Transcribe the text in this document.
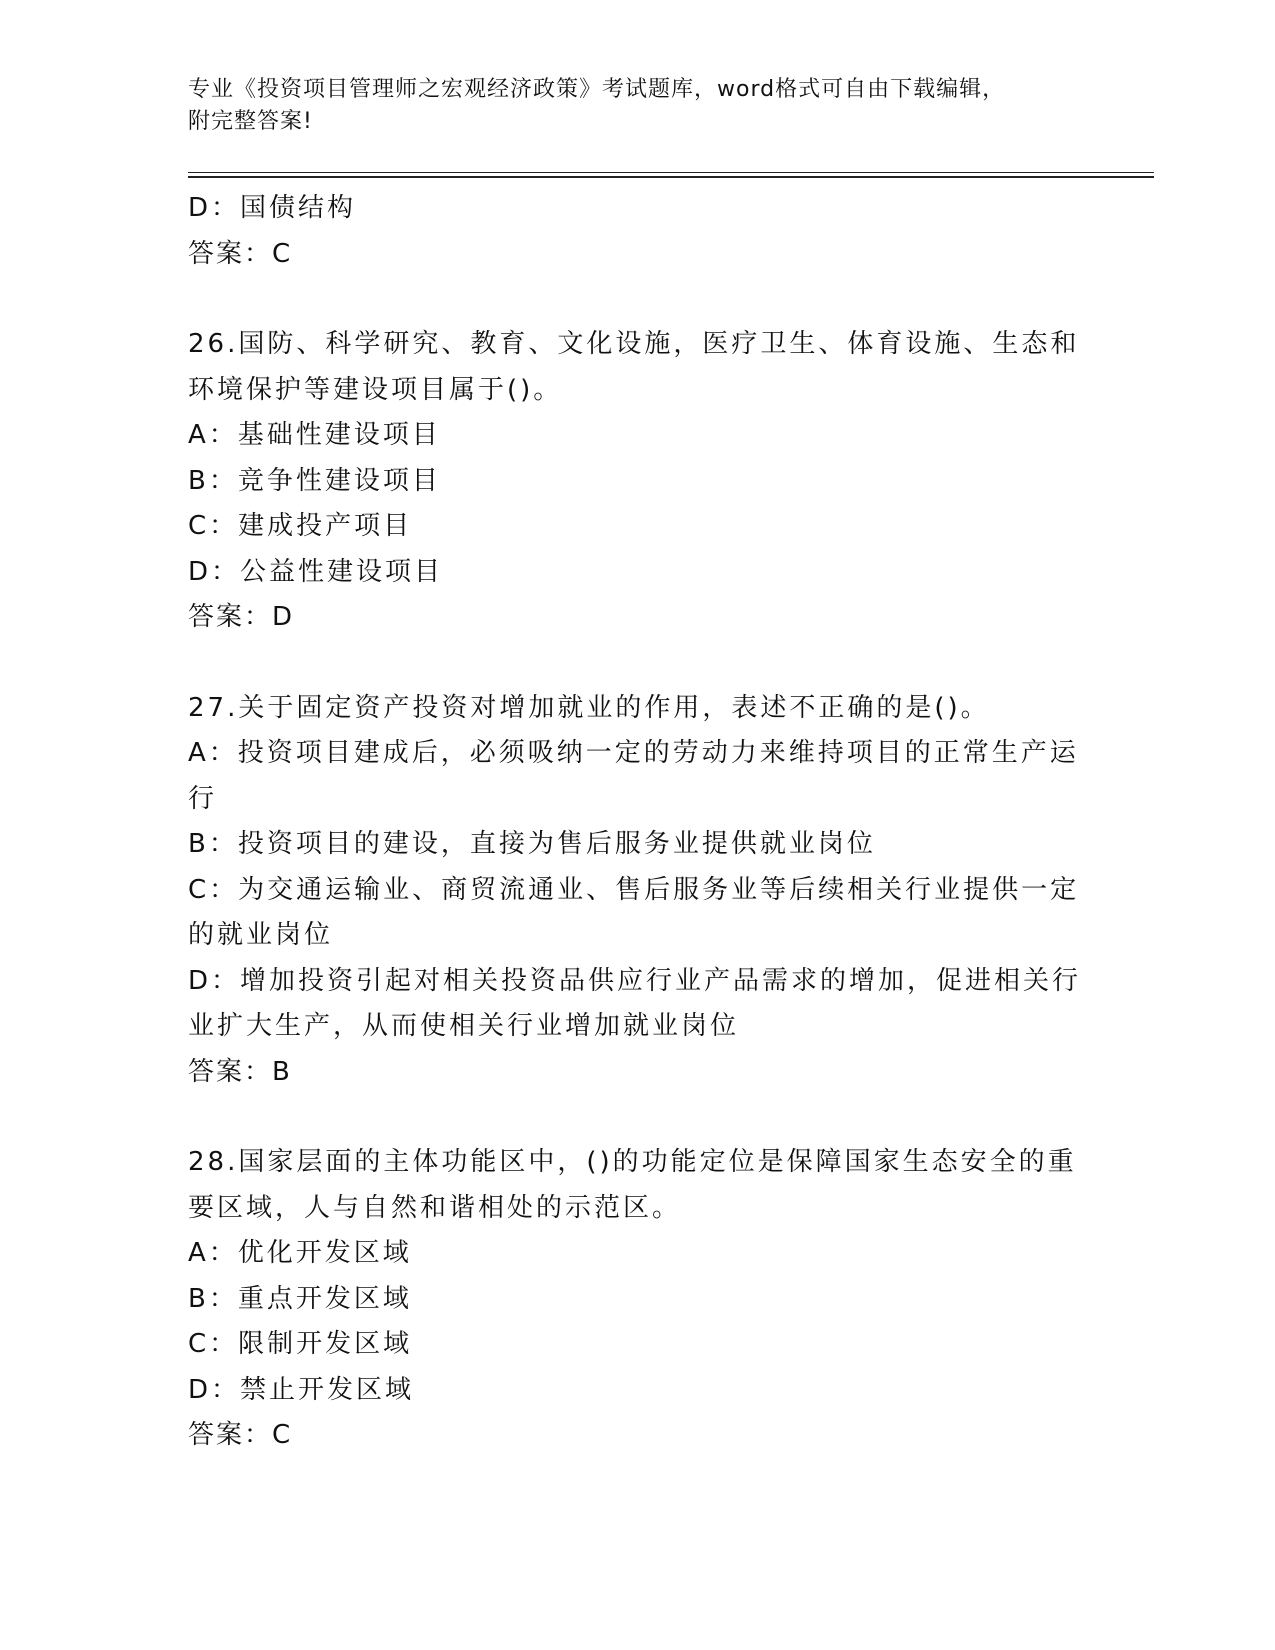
专业《投资项目管理师之宏观经济政策》考试题库，word格式可自由下载编辑，
附完整答案!
D：国债结构
答案：C
26.国防、科学研究、教育、文化设施，医疗卫生、体育设施、生态和
环境保护等建设项目属于()。
A：基础性建设项目
B：竞争性建设项目
C：建成投产项目
D：公益性建设项目
答案：D
27.关于固定资产投资对增加就业的作用，表述不正确的是()。
A：投资项目建成后，必须吸纳一定的劳动力来维持项目的正常生产运
行
B：投资项目的建设，直接为售后服务业提供就业岗位
C：为交通运输业、商贸流通业、售后服务业等后续相关行业提供一定
的就业岗位
D：增加投资引起对相关投资品供应行业产品需求的增加，促进相关行
业扩大生产，从而使相关行业增加就业岗位
答案：B
28.国家层面的主体功能区中，()的功能定位是保障国家生态安全的重
要区域，人与自然和谐相处的示范区。
A：优化开发区域
B：重点开发区域
C：限制开发区域
D：禁止开发区域
答案：C
